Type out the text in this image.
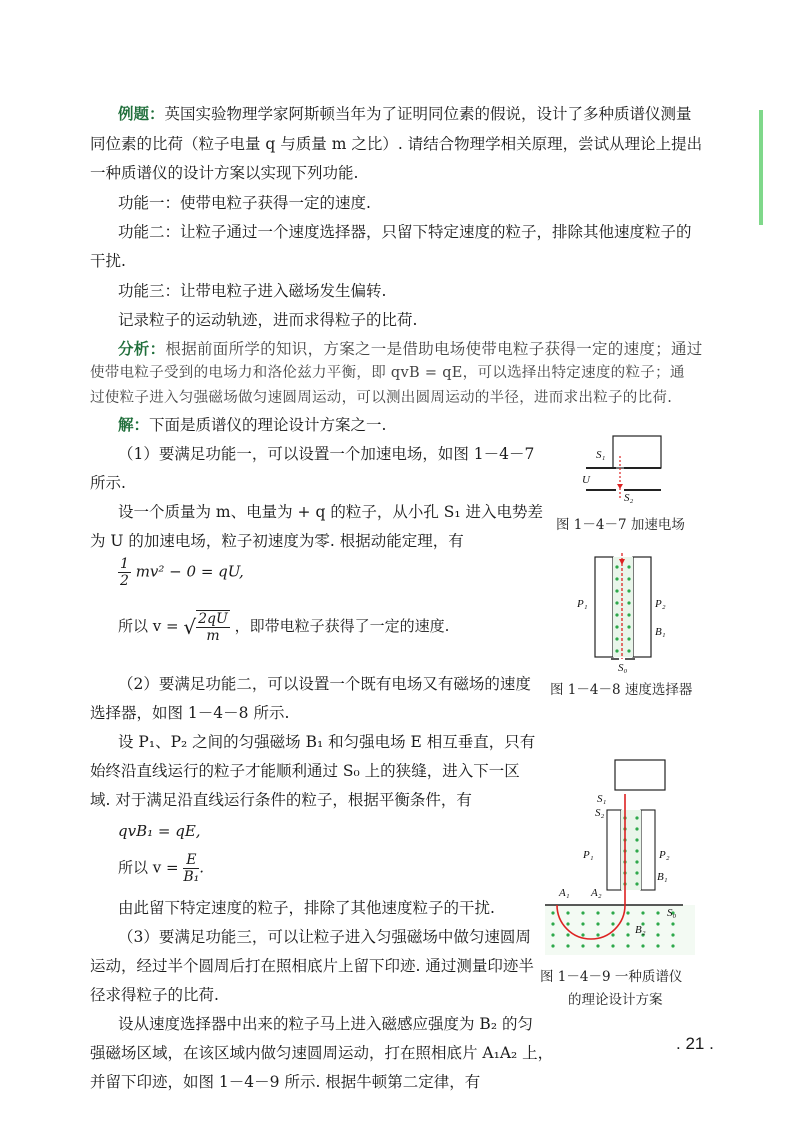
例题：英国实验物理学家阿斯顿当年为了证明同位素的假说，设计了多种质谱仪测量
同位素的比荷（粒子电量 q 与质量 m 之比）. 请结合物理学相关原理，尝试从理论上提出
一种质谱仪的设计方案以实现下列功能.
功能一：使带电粒子获得一定的速度.
功能二：让粒子通过一个速度选择器，只留下特定速度的粒子，排除其他速度粒子的
干扰.
功能三：让带电粒子进入磁场发生偏转.
记录粒子的运动轨迹，进而求得粒子的比荷.
分析：根据前面所学的知识，方案之一是借助电场使带电粒子获得一定的速度；通过
使带电粒子受到的电场力和洛伦兹力平衡，即 qvB = qE，可以选择出特定速度的粒子；通
过使粒子进入匀强磁场做匀速圆周运动，可以测出圆周运动的半径，进而求出粒子的比荷.
解：下面是质谱仪的理论设计方案之一.
（1）要满足功能一，可以设置一个加速电场，如图 1－4－7
所示.
设一个质量为 m、电量为 + q 的粒子，从小孔 S₁ 进入电势差
为 U 的加速电场，粒子初速度为零. 根据动能定理，有
$\frac{1}{2} mv^2 - 0$ = qU,
所以 v = √ $\frac{2qU}{m}$ ，即带电粒子获得了一定的速度.
（2）要满足功能二，可以设置一个既有电场又有磁场的速度
选择器，如图 1－4－8 所示.
设 P₁、P₂ 之间的匀强磁场 B₁ 和匀强电场 E 相互垂直，只有
始终沿直线运行的粒子才能顺利通过 S₀ 上的狭缝，进入下一区
域. 对于满足沿直线运行条件的粒子，根据平衡条件，有
qvB₁ = qE,
所以 $v = \frac{E}{\text{B₁}}$ .
由此留下特定速度的粒子，排除了其他速度粒子的干扰.
（3）要满足功能三，可以让粒子进入匀强磁场中做匀速圆周
运动，经过半个圆周后打在照相底片上留下印迹. 通过测量印迹半
径求得粒子的比荷.
设从速度选择器中出来的粒子马上进入磁感应强度为 B₂ 的匀
强磁场区域，在该区域内做匀速圆周运动，打在照相底片 A₁A₂ 上，
并留下印迹，如图 1－4－9 所示. 根据牛顿第二定律，有
S₁
U
S₂
图 1－4－7 加速电场
P₁	P₂
B₁
S₀
图 1－4－8 速度选择器
S₁
S₂
P₁	P₂
B₁
A₁ A₂
S₀
B₂
图 1－4－9 一种质谱仪
的理论设计方案
. 21 .
